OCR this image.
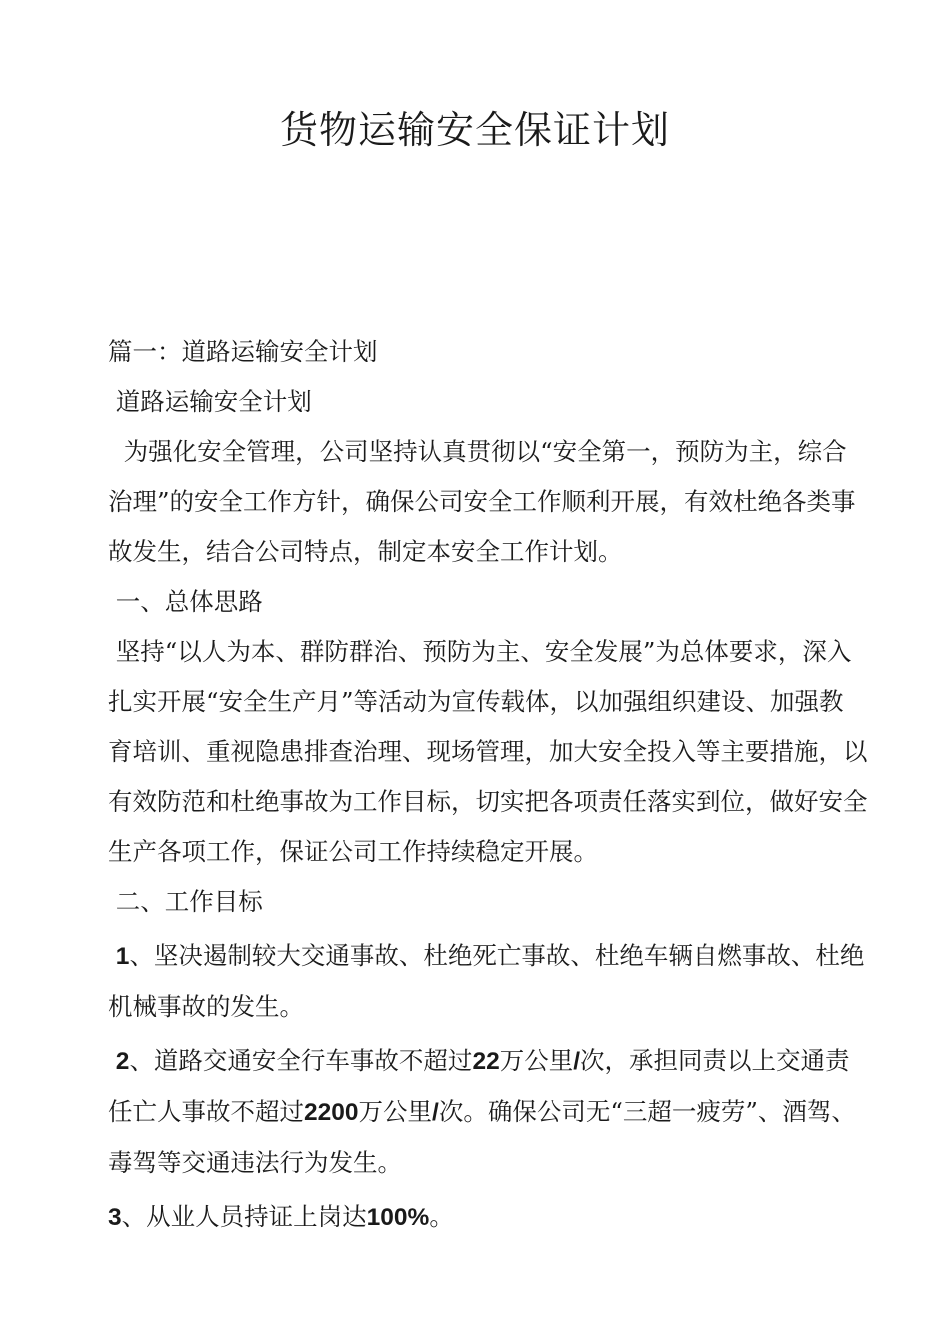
货物运输安全保证计划

篇一：道路运输安全计划

道路运输安全计划

为强化安全管理，公司坚持认真贯彻以“安全第一，预防为主，综合治理”的安全工作方针，确保公司安全工作顺利开展，有效杜绝各类事故发生，结合公司特点，制定本安全工作计划。

一、总体思路

坚持“以人为本、群防群治、预防为主、安全发展”为总体要求，深入扎实开展“安全生产月”等活动为宣传载体，以加强组织建设、加强教育培训、重视隐患排查治理、现场管理，加大安全投入等主要措施，以有效防范和杜绝事故为工作目标，切实把各项责任落实到位，做好安全生产各项工作，保证公司工作持续稳定开展。

二、工作目标

1、坚决遏制较大交通事故、杜绝死亡事故、杜绝车辆自燃事故、杜绝机械事故的发生。

2、道路交通安全行车事故不超过22万公里/次，承担同责以上交通责任亡人事故不超过2200万公里/次。确保公司无“三超一疲劳”、酒驾、毒驾等交通违法行为发生。

3、从业人员持证上岗达100%。
